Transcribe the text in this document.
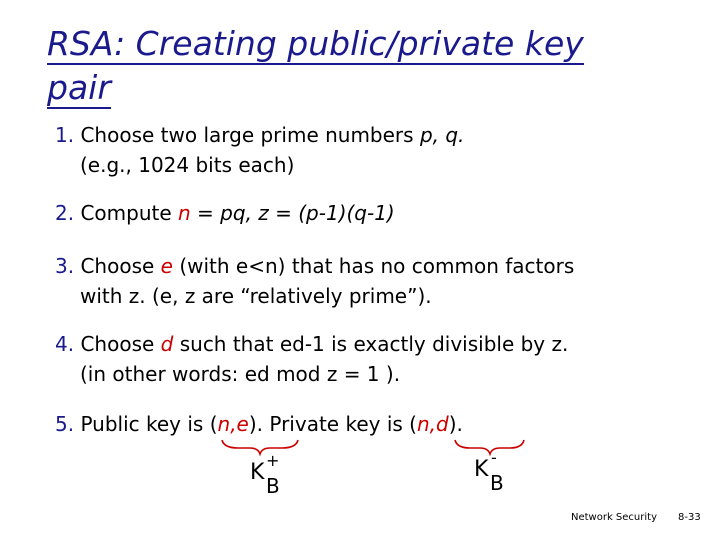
RSA: Creating public/private key
pair
1. Choose two large prime numbers p, q.
(e.g., 1024 bits each)
2. Compute n = pq, z = (p-1)(q-1)
3. Choose e (with e<n) that has no common factors
with z. (e, z are “relatively prime”).
4. Choose d such that ed-1 is exactly divisible by z.
(in other words: ed mod z = 1 ).
5. Public key is (n,e). Private key is (n,d).
K +
B
K -
B
Network Security 8-33
